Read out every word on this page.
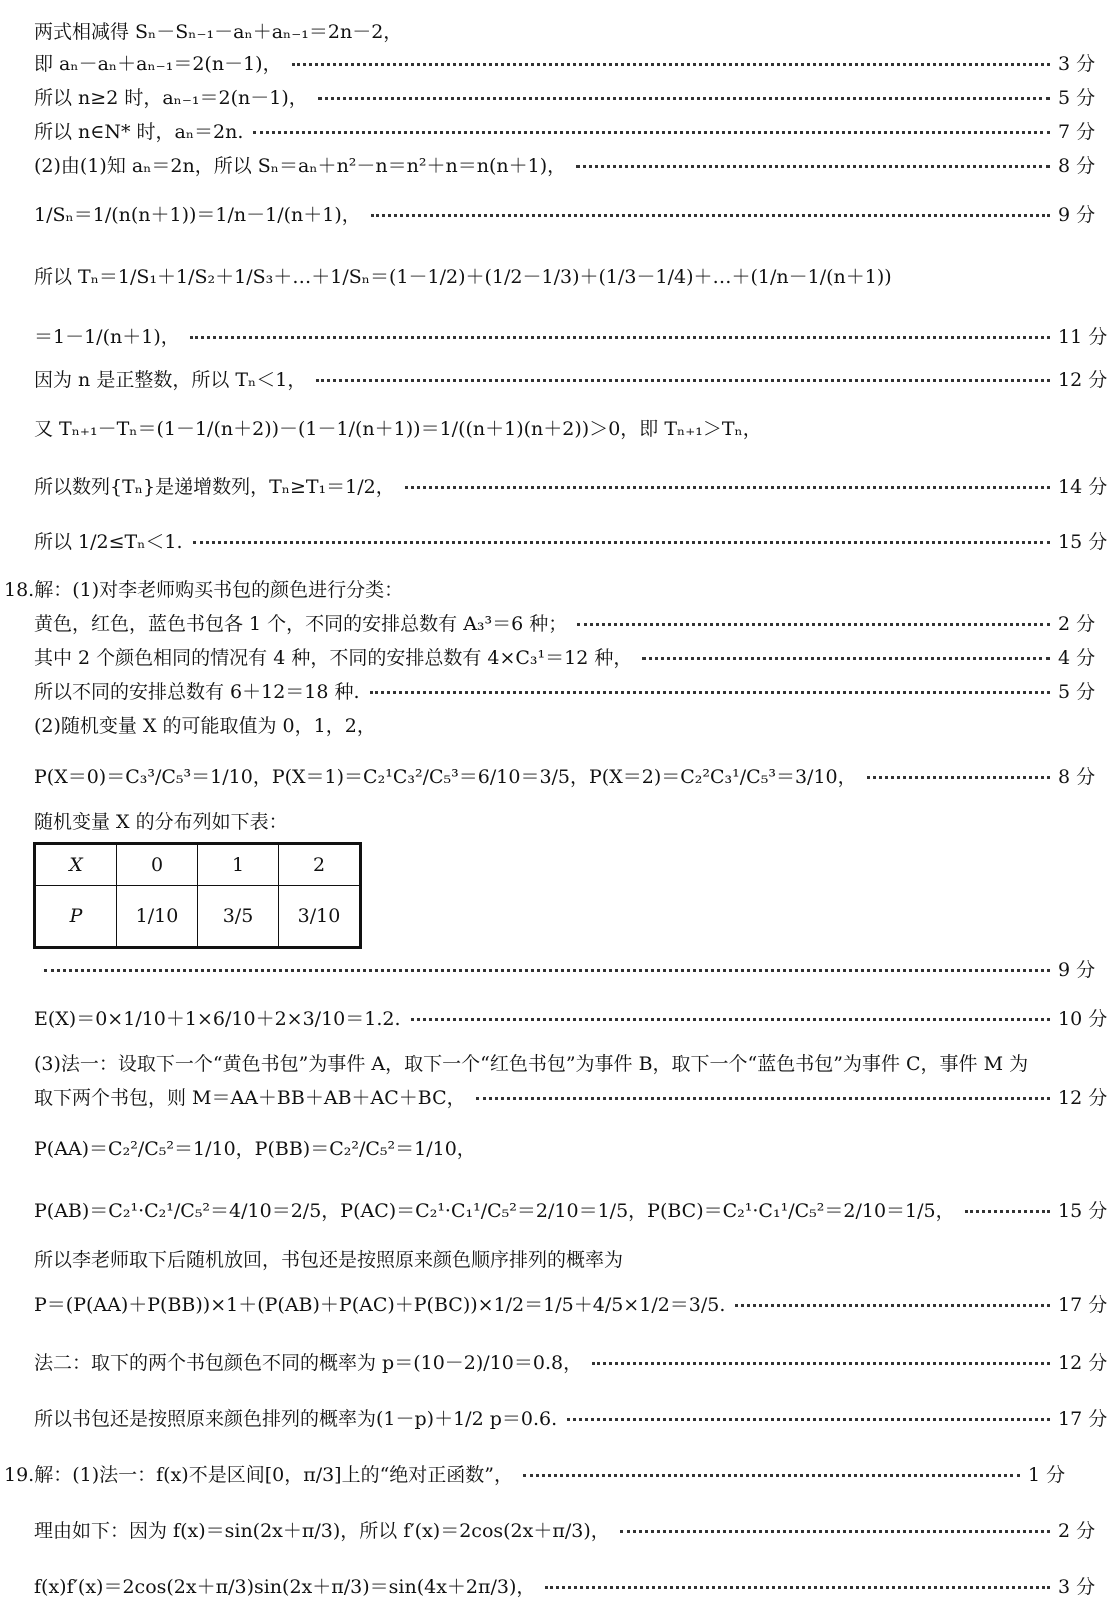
两式相减得 Sₙ－Sₙ₋₁－aₙ＋aₙ₋₁＝2n－2，
即 aₙ－aₙ＋aₙ₋₁＝2(n－1)，	3 分
所以 n≥2 时，aₙ₋₁＝2(n－1)，	5 分
所以 n∈N* 时，aₙ＝2n.	7 分
(2)由(1)知 aₙ＝2n，所以 Sₙ＝aₙ＋n²－n＝n²＋n＝n(n＋1)，	8 分
1/Sₙ＝1/(n(n＋1))＝1/n－1/(n＋1)，	9 分
所以 Tₙ＝1/S₁＋1/S₂＋1/S₃＋…＋1/Sₙ＝(1－1/2)＋(1/2－1/3)＋(1/3－1/4)＋…＋(1/n－1/(n＋1))
＝1－1/(n＋1)，	11 分
因为 n 是正整数，所以 Tₙ＜1，	12 分
又 Tₙ₊₁－Tₙ＝(1－1/(n＋2))－(1－1/(n＋1))＝1/((n＋1)(n＋2))＞0，即 Tₙ₊₁＞Tₙ，
所以数列{Tₙ}是递增数列，Tₙ≥T₁＝1/2，	14 分
所以 1/2≤Tₙ＜1.	15 分
18.解：(1)对李老师购买书包的颜色进行分类：
黄色，红色，蓝色书包各 1 个，不同的安排总数有 A₃³＝6 种；	2 分
其中 2 个颜色相同的情况有 4 种，不同的安排总数有 4×C₃¹＝12 种，	4 分
所以不同的安排总数有 6＋12＝18 种.	5 分
(2)随机变量 X 的可能取值为 0，1，2，
P(X＝0)＝C₃³/C₅³＝1/10，P(X＝1)＝C₂¹C₃²/C₅³＝6/10＝3/5，P(X＝2)＝C₂²C₃¹/C₅³＝3/10，	8 分
随机变量 X 的分布列如下表：
X	0	1	2
P	1/10	3/5	3/10
9 分
E(X)＝0×1/10＋1×6/10＋2×3/10＝1.2.	10 分
(3)法一：设取下一个“黄色书包”为事件 A，取下一个“红色书包”为事件 B，取下一个“蓝色书包”为事件 C，事件 M 为
取下两个书包，则 M＝AA＋BB＋AB＋AC＋BC，	12 分
P(AA)＝C₂²/C₅²＝1/10，P(BB)＝C₂²/C₅²＝1/10，
P(AB)＝C₂¹·C₂¹/C₅²＝4/10＝2/5，P(AC)＝C₂¹·C₁¹/C₅²＝2/10＝1/5，P(BC)＝C₂¹·C₁¹/C₅²＝2/10＝1/5，	15 分
所以李老师取下后随机放回，书包还是按照原来颜色顺序排列的概率为
P＝(P(AA)＋P(BB))×1＋(P(AB)＋P(AC)＋P(BC))×1/2＝1/5＋4/5×1/2＝3/5.	17 分
法二：取下的两个书包颜色不同的概率为 p＝(10－2)/10＝0.8，	12 分
所以书包还是按照原来颜色排列的概率为(1－p)＋1/2 p＝0.6.	17 分
19.解：(1)法一：f(x)不是区间[0，π/3]上的“绝对正函数”，	1 分
理由如下：因为 f(x)＝sin(2x＋π/3)，所以 f′(x)＝2cos(2x＋π/3)，	2 分
f(x)f′(x)＝2cos(2x＋π/3)sin(2x＋π/3)＝sin(4x＋2π/3)，	3 分
